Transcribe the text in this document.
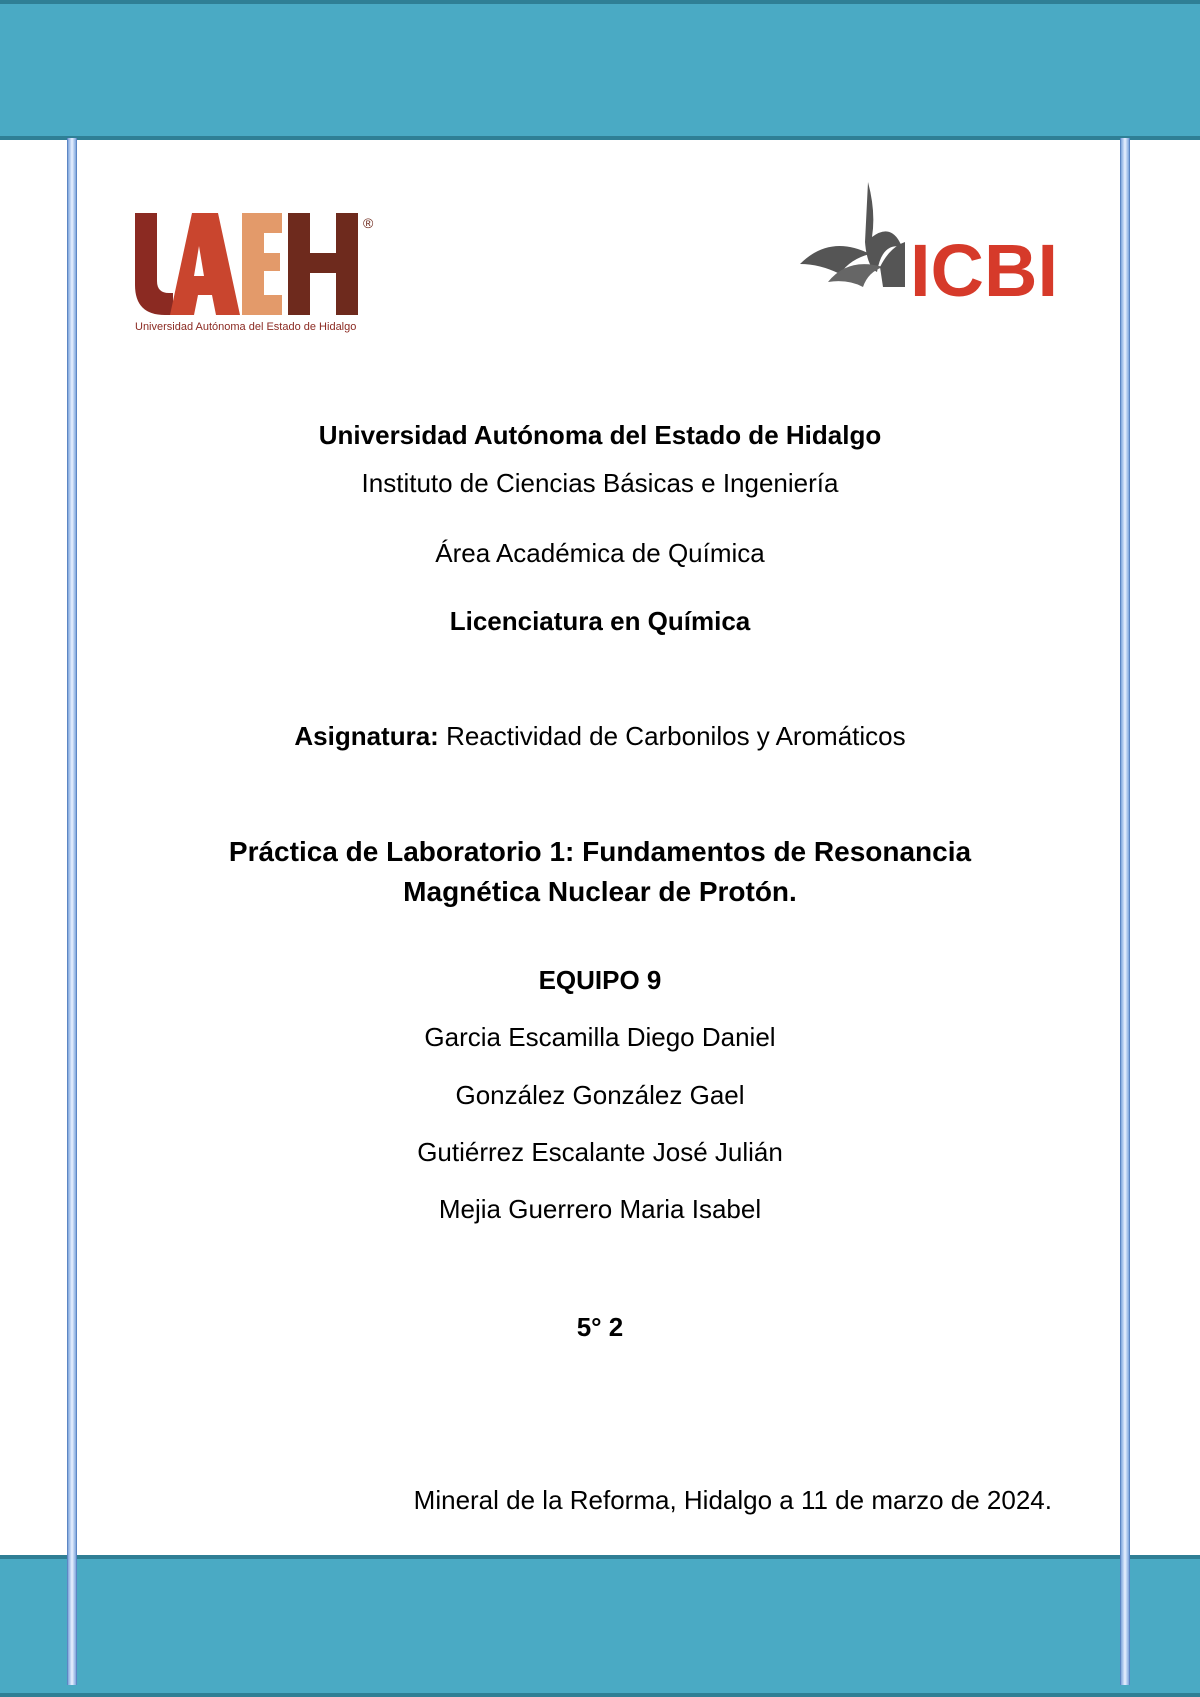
®
Universidad Autónoma del Estado de Hidalgo
ICBI
Universidad Autónoma del Estado de Hidalgo
Instituto de Ciencias Básicas e Ingeniería
Área Académica de Química
Licenciatura en Química
Asignatura: Reactividad de Carbonilos y Aromáticos
Práctica de Laboratorio 1: Fundamentos de Resonancia
Magnética Nuclear de Protón.
EQUIPO 9
Garcia Escamilla Diego Daniel
González González Gael
Gutiérrez Escalante José Julián
Mejia Guerrero Maria Isabel
5° 2
Mineral de la Reforma, Hidalgo a 11 de marzo de 2024.
